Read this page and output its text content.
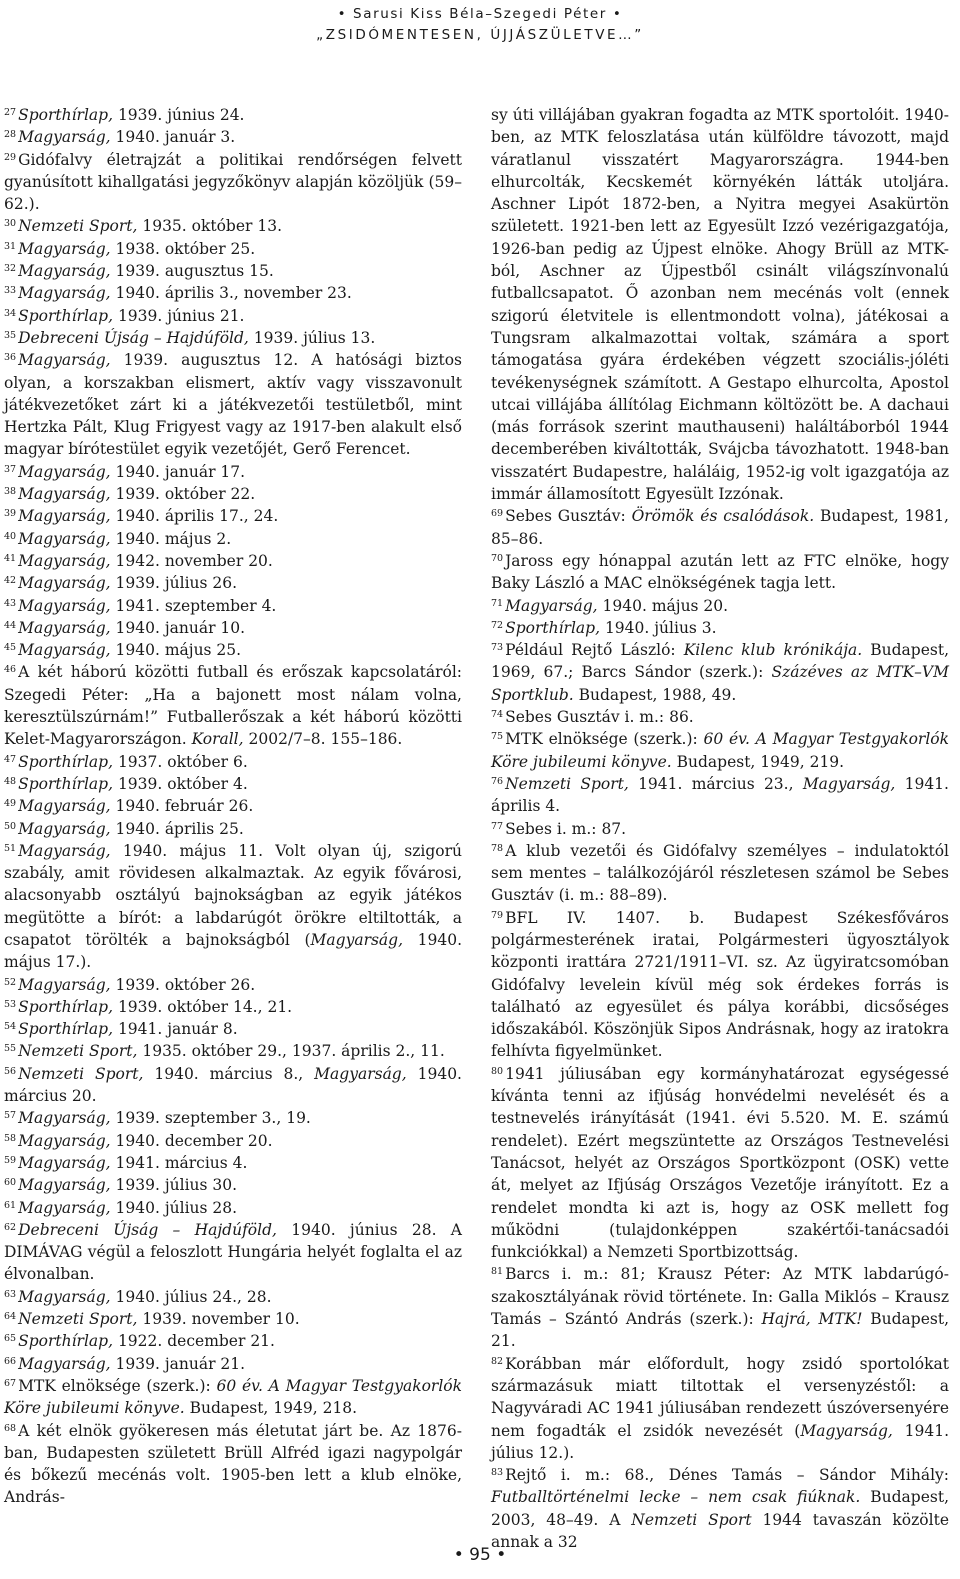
• Sarusi Kiss Béla–Szegedi Péter •
„ZSIDÓMENTESEN, ÚJJÁSZÜLETVE…”

$^{27}$ Sporthírlap, 1939. június 24.

$^{28}$ Magyarság, 1940. január 3.

$^{29}$ Gidófalvy életrajzát a politikai rendőrségen felvett gyanúsított kihallgatási jegyzőkönyv alapján közöljük (59–62.).

$^{30}$ Nemzeti Sport, 1935. október 13.

$^{31}$ Magyarság, 1938. október 25.

$^{32}$ Magyarság, 1939. augusztus 15.

$^{33}$ Magyarság, 1940. április 3., november 23.

$^{34}$ Sporthírlap, 1939. június 21.

$^{35}$ Debreceni Újság – Hajdúföld, 1939. július 13.

$^{36}$ Magyarság, 1939. augusztus 12. A hatósági biztos olyan, a korszakban elismert, aktív vagy visszavonult játékvezetőket zárt ki a játékvezetői testületből, mint Hertzka Pált, Klug Frigyest vagy az 1917-ben alakult első magyar bírótestület egyik vezetőjét, Gerő Ferencet.

$^{37}$ Magyarság, 1940. január 17.

$^{38}$ Magyarság, 1939. október 22.

$^{39}$ Magyarság, 1940. április 17., 24.

$^{40}$ Magyarság, 1940. május 2.

$^{41}$ Magyarság, 1942. november 20.

$^{42}$ Magyarság, 1939. július 26.

$^{43}$ Magyarság, 1941. szeptember 4.

$^{44}$ Magyarság, 1940. január 10.

$^{45}$ Magyarság, 1940. május 25.

$^{46}$ A két háború közötti futball és erőszak kapcsolatáról: Szegedi Péter: „Ha a bajonett most nálam volna, keresztülszúrnám!” Futballerőszak a két háború közötti Kelet-Magyarországon. Korall, 2002/7–8. 155–186.

$^{47}$ Sporthírlap, 1937. október 6.

$^{48}$ Sporthírlap, 1939. október 4.

$^{49}$ Magyarság, 1940. február 26.

$^{50}$ Magyarság, 1940. április 25.

$^{51}$ Magyarság, 1940. május 11. Volt olyan új, szigorú szabály, amit rövidesen alkalmaztak. Az egyik fővárosi, alacsonyabb osztályú bajnokságban az egyik játékos megütötte a bírót: a labdarúgót örökre eltiltották, a csapatot törölték a bajnokságból (Magyarság, 1940. május 17.).

$^{52}$ Magyarság, 1939. október 26.

$^{53}$ Sporthírlap, 1939. október 14., 21.

$^{54}$ Sporthírlap, 1941. január 8.

$^{55}$ Nemzeti Sport, 1935. október 29., 1937. április 2., 11.

$^{56}$ Nemzeti Sport, 1940. március 8., Magyarság, 1940. március 20.

$^{57}$ Magyarság, 1939. szeptember 3., 19.

$^{58}$ Magyarság, 1940. december 20.

$^{59}$ Magyarság, 1941. március 4.

$^{60}$ Magyarság, 1939. július 30.

$^{61}$ Magyarság, 1940. július 28.

$^{62}$ Debreceni Újság – Hajdúföld, 1940. június 28. A DIMÁVAG végül a feloszlott Hungária helyét foglalta el az élvonalban.

$^{63}$ Magyarság, 1940. július 24., 28.

$^{64}$ Nemzeti Sport, 1939. november 10.

$^{65}$ Sporthírlap, 1922. december 21.

$^{66}$ Magyarság, 1939. január 21.

$^{67}$ MTK elnöksége (szerk.): 60 év. A Magyar Testgyakorlók Köre jubileumi könyve. Budapest, 1949, 218.

$^{68}$ A két elnök gyökeresen más életutat járt be. Az 1876-ban, Budapesten született Brüll Alfréd igazi nagypolgár és bőkezű mecénás volt. 1905-ben lett a klub elnöke, András-

sy úti villájában gyakran fogadta az MTK sportolóit. 1940-ben, az MTK feloszlatása után külföldre távozott, majd váratlanul visszatért Magyarországra. 1944-ben elhurcolták, Kecskemét környékén látták utoljára. Aschner Lipót 1872-ben, a Nyitra megyei Asakürtön született. 1921-ben lett az Egyesült Izzó vezérigazgatója, 1926-ban pedig az Újpest elnöke. Ahogy Brüll az MTK-ból, Aschner az Újpestből csinált világszínvonalú futballcsapatot. Ő azonban nem mecénás volt (ennek szigorú életvitele is ellentmondott volna), játékosai a Tungsram alkalmazottai voltak, számára a sport támogatása gyára érdekében végzett szociális-jóléti tevékenységnek számított. A Gestapo elhurcolta, Apostol utcai villájába állítólag Eichmann költözött be. A dachaui (más források szerint mauthauseni) haláltáborból 1944 decemberében kiváltották, Svájcba távozhatott. 1948-ban visszatért Budapestre, haláláig, 1952-ig volt igazgatója az immár államosított Egyesült Izzónak.

$^{69}$ Sebes Gusztáv: Örömök és csalódások. Budapest, 1981, 85–86.

$^{70}$ Jaross egy hónappal azután lett az FTC elnöke, hogy Baky László a MAC elnökségének tagja lett.

$^{71}$ Magyarság, 1940. május 20.

$^{72}$ Sporthírlap, 1940. július 3.

$^{73}$ Például Rejtő László: Kilenc klub krónikája. Budapest, 1969, 67.; Barcs Sándor (szerk.): Százéves az MTK–VM Sportklub. Budapest, 1988, 49.

$^{74}$ Sebes Gusztáv i. m.: 86.

$^{75}$ MTK elnöksége (szerk.): 60 év. A Magyar Testgyakorlók Köre jubileumi könyve. Budapest, 1949, 219.

$^{76}$ Nemzeti Sport, 1941. március 23., Magyarság, 1941. április 4.

$^{77}$ Sebes i. m.: 87.

$^{78}$ A klub vezetői és Gidófalvy személyes – indulatoktól sem mentes – találkozójáról részletesen számol be Sebes Gusztáv (i. m.: 88–89).

$^{79}$ BFL IV. 1407. b. Budapest Székesfőváros polgármesterének iratai, Polgármesteri ügyosztályok központi irattára 2721/1911–VI. sz. Az ügyiratcsomóban Gidófalvy levelein kívül még sok érdekes forrás is található az egyesület és pálya korábbi, dicsőséges időszakából. Köszönjük Sipos Andrásnak, hogy az iratokra felhívta figyelmünket.

$^{80}$ 1941 júliusában egy kormányhatározat egységessé kívánta tenni az ifjúság honvédelmi nevelését és a testnevelés irányítását (1941. évi 5.520. M. E. számú rendelet). Ezért megszüntette az Országos Testnevelési Tanácsot, helyét az Országos Sportközpont (OSK) vette át, melyet az Ifjúság Országos Vezetője irányított. Ez a rendelet mondta ki azt is, hogy az OSK mellett fog működni (tulajdonképpen szakértői-tanácsadói funkciókkal) a Nemzeti Sportbizottság.

$^{81}$ Barcs i. m.: 81; Krausz Péter: Az MTK labdarúgó-szakosztályának rövid története. In: Galla Miklós – Krausz Tamás – Szántó András (szerk.): Hajrá, MTK! Budapest, 21.

$^{82}$ Korábban már előfordult, hogy zsidó sportolókat származásuk miatt tiltottak el versenyzéstől: a Nagyváradi AC 1941 júliusában rendezett úszóversenyére nem fogadták el zsidók nevezését (Magyarság, 1941. július 12.).

$^{83}$ Rejtő i. m.: 68., Dénes Tamás – Sándor Mihály: Futballtörténelmi lecke – nem csak fiúknak. Budapest, 2003, 48–49. A Nemzeti Sport 1944 tavaszán közölte annak a 32

• 95 •
